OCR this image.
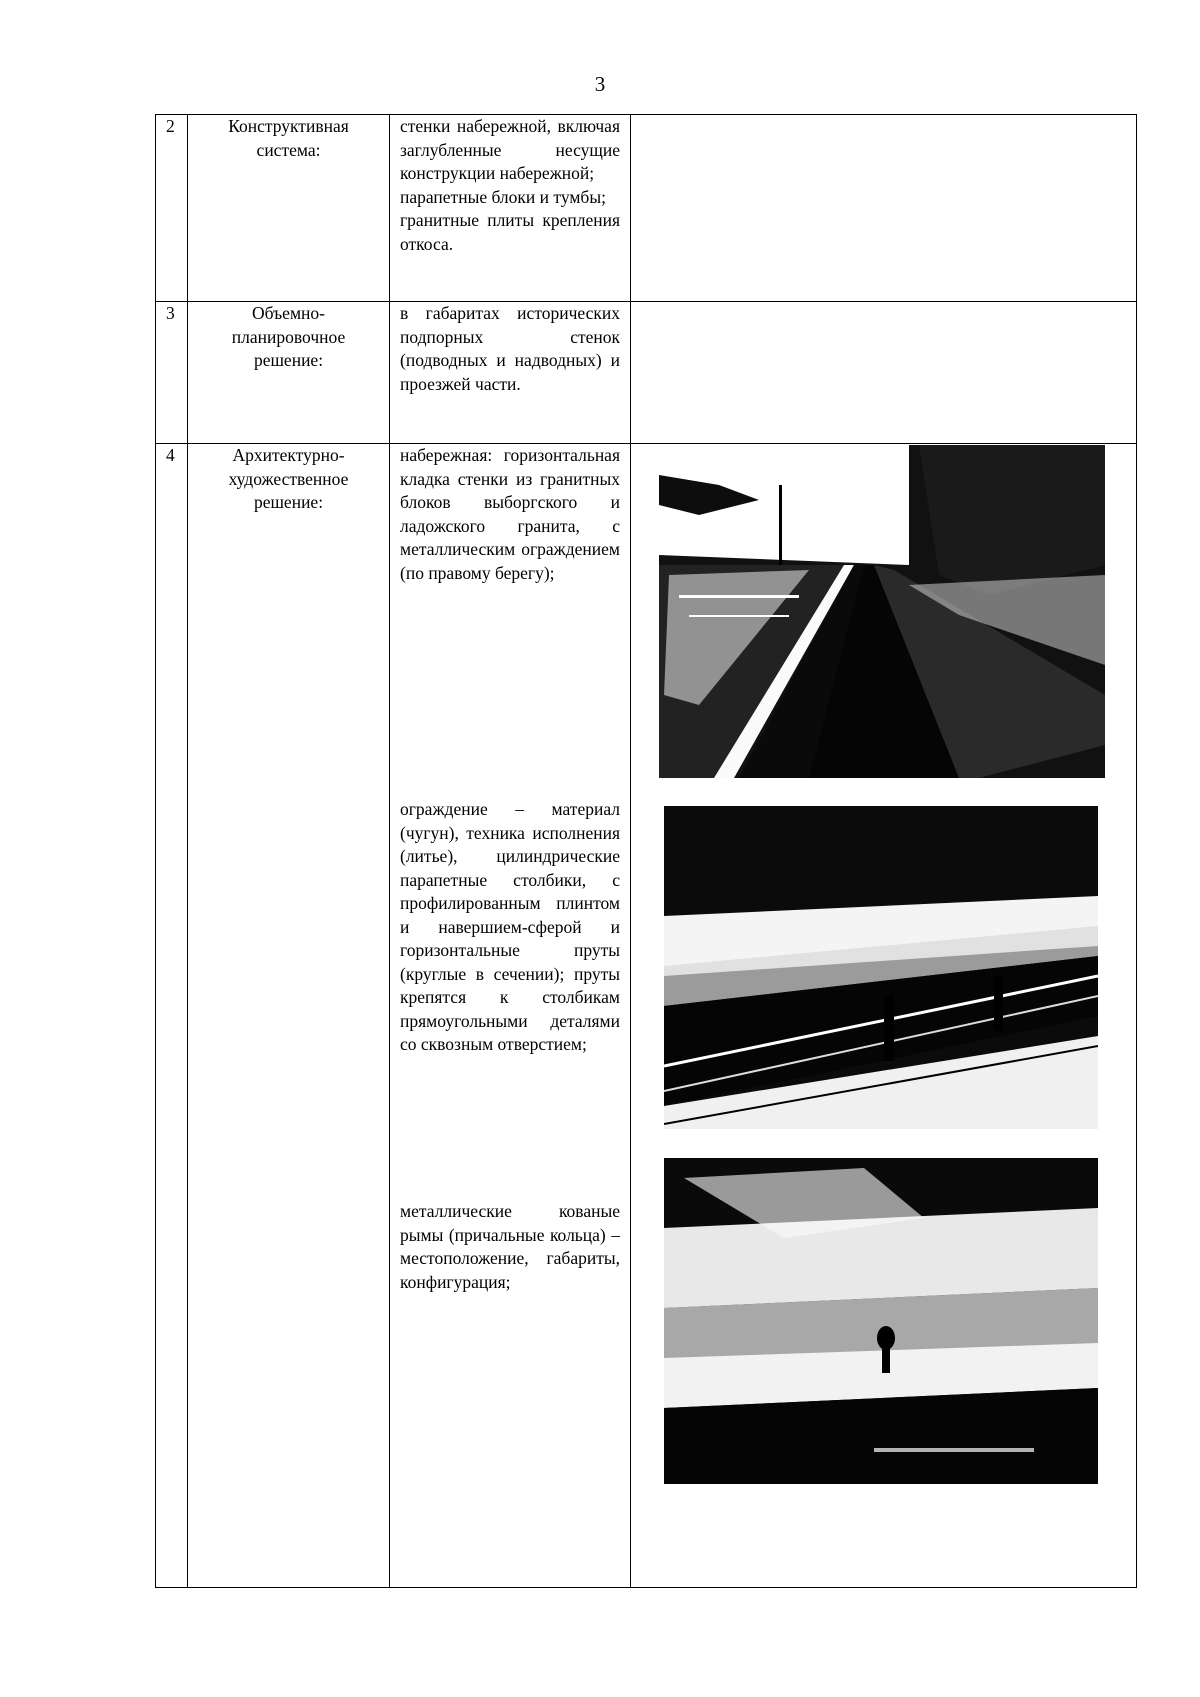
3
2	Конструктивная система:	стенки набережной, включая заглубленные несущие конструкции набережной;
парапетные блоки и тумбы;
гранитные плиты крепления откоса.	

3	Объемно-планировочное решение:	в габаритах исторических подпорных стенок (подводных и надводных) и проезжей части.	

4	Архитектурно-художественное решение:	набережная: горизонтальная кладка стенки из гранитных блоков выборгского и ладожского гранита, с металлическим ограждением (по правому берегу);
ограждение – материал (чугун), техника исполнения (литье), цилиндрические парапетные столбики, с профилированным плинтом и навершием-сферой и горизонтальные пруты (круглые в сечении); пруты крепятся к столбикам прямоугольными деталями со сквозным отверстием;
металлические кованые рымы (причальные кольца) – местоположение, габариты, конфигурация;	
